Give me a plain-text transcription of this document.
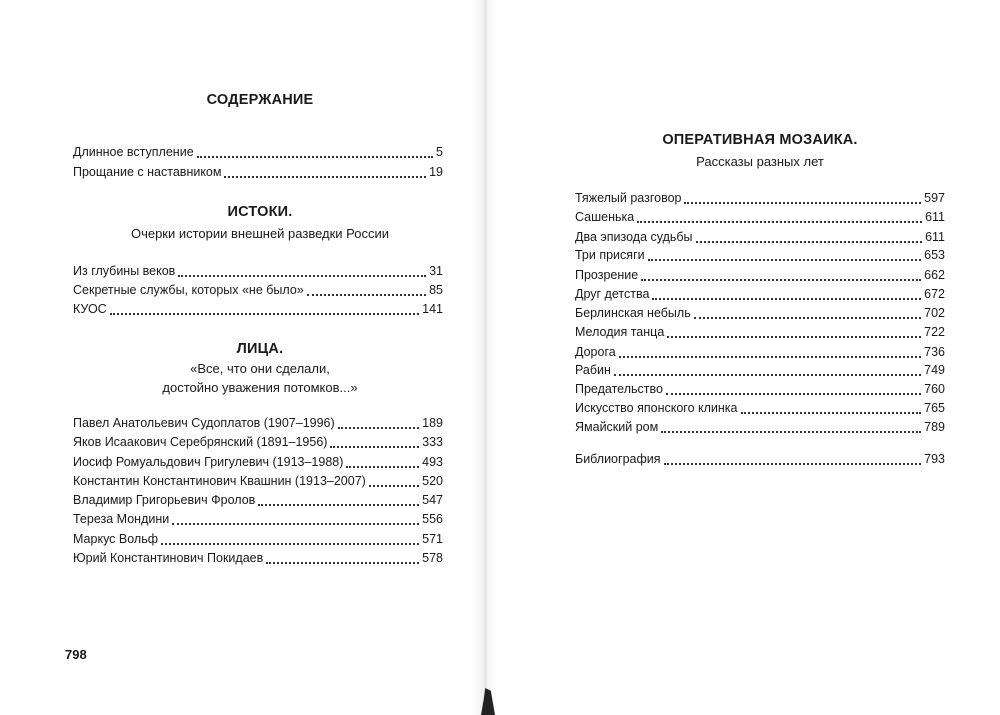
СОДЕРЖАНИЕ
Длинное вступление	5
Прощание с наставником	19
ИСТОКИ.
Очерки истории внешней разведки России
Из глубины веков	31
Секретные службы, которых «не было»	85
КУОС	141
ЛИЦА.
«Все, что они сделали,
достойно уважения потомков...»
Павел Анатольевич Судоплатов (1907–1996)	189
Яков Исаакович Серебрянский (1891–1956)	333
Иосиф Ромуальдович Григулевич (1913–1988)	493
Константин Константинович Квашнин (1913–2007)	520
Владимир Григорьевич Фролов	547
Тереза Мондини	556
Маркус Вольф	571
Юрий Константинович Покидаев	578
798
ОПЕРАТИВНАЯ МОЗАИКА.
Рассказы разных лет
Тяжелый разговор	597
Сашенька	611
Два эпизода судьбы	611
Три присяги	653
Прозрение	662
Друг детства	672
Берлинская небыль	702
Мелодия танца	722
Дорога	736
Рабин	749
Предательство	760
Искусство японского клинка	765
Ямайский ром	789
Библиография	793
